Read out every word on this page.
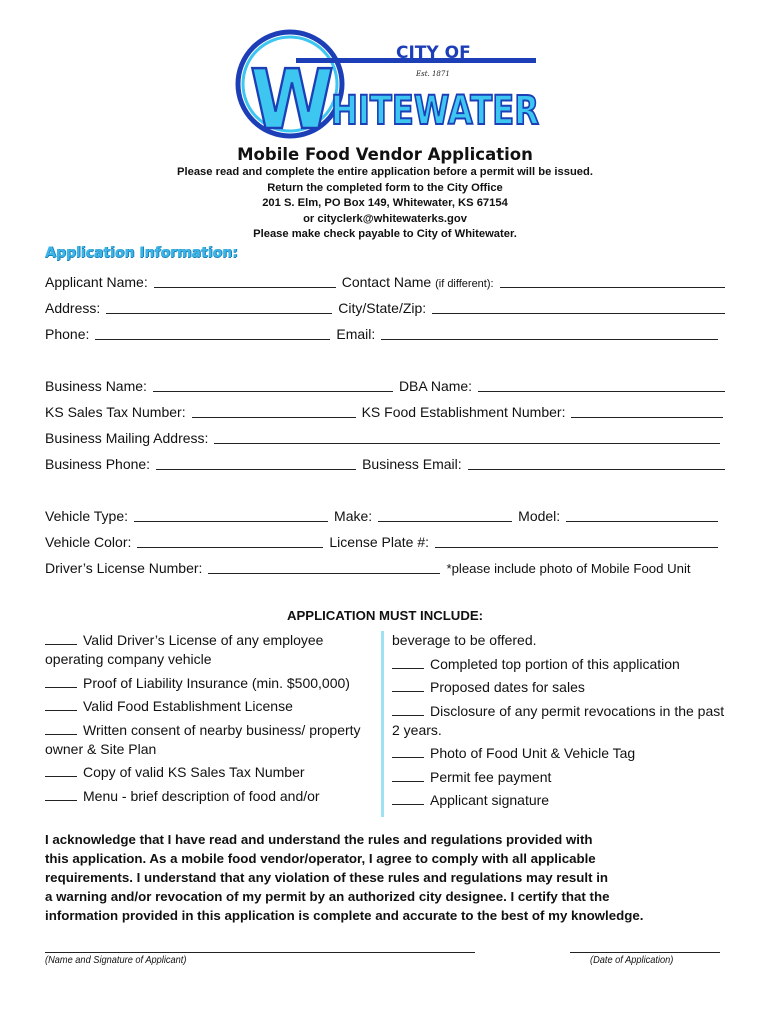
CITY OF
Est. 1871
W
HITEWATER
Mobile Food Vendor Application
Please read and complete the entire application before a permit will be issued.
Return the completed form to the City Office
201 S. Elm, PO Box 149, Whitewater, KS 67154
or cityclerk@whitewaterks.gov
Please make check payable to City of Whitewater.
Application Information:
Applicant Name:	Contact Name (if different):
Address:	City/State/Zip:
Phone:	Email:
Business Name:	DBA Name:
KS Sales Tax Number:	KS Food Establishment Number:
Business Mailing Address:
Business Phone:	Business Email:
Vehicle Type:	Make:	Model:
Vehicle Color:	License Plate #:
Driver’s License Number:	*please include photo of Mobile Food Unit
APPLICATION MUST INCLUDE:
Valid Driver’s License of any employee operating company vehicle
Proof of Liability Insurance (min. $500,000)
Valid Food Establishment License
Written consent of nearby business/ property owner & Site Plan
Copy of valid KS Sales Tax Number
Menu - brief description of food and/or
beverage to be offered.
Completed top portion of this application
Proposed dates for sales
Disclosure of any permit revocations in the past 2 years.
Photo of Food Unit & Vehicle Tag
Permit fee payment
Applicant signature
I acknowledge that I have read and understand the rules and regulations provided with
this application. As a mobile food vendor/operator, I agree to comply with all applicable
requirements. I understand that any violation of these rules and regulations may result in
a warning and/or revocation of my permit by an authorized city designee. I certify that the
information provided in this application is complete and accurate to the best of my knowledge.
(Name and Signature of Applicant)	(Date of Application)
